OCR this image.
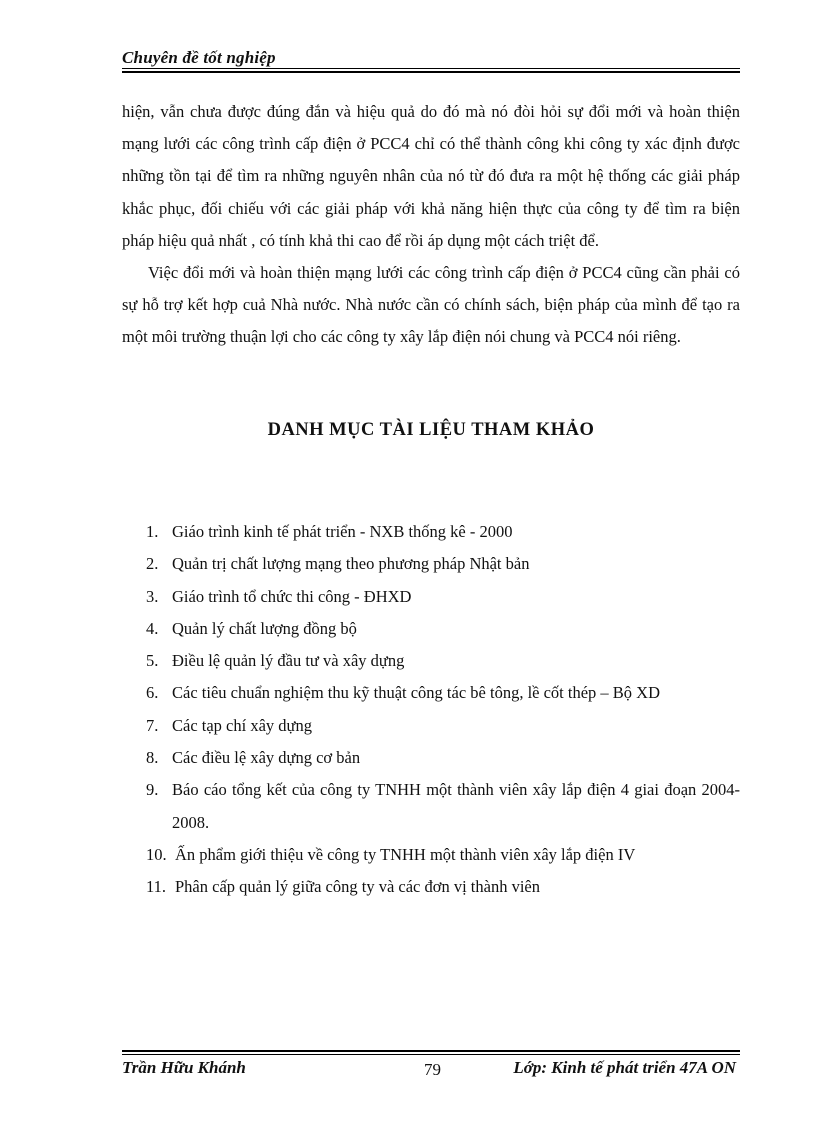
Chuyên đề tốt nghiệp

hiện, vẫn chưa được đúng đắn và hiệu quả do đó mà nó đòi hỏi sự đổi mới và hoàn thiện mạng lưới các công trình cấp điện ở PCC4 chỉ có thể thành công khi công ty xác định được những tồn tại để tìm ra những nguyên nhân của nó từ đó đưa ra một hệ thống các giải pháp khắc phục, đối chiếu với các giải pháp với khả năng hiện thực của công ty để tìm ra biện pháp hiệu quả nhất , có tính khả thi cao để rồi áp dụng một cách triệt để.

Việc đổi mới và hoàn thiện mạng lưới các công trình cấp điện ở PCC4 cũng cần phải có sự hỗ trợ kết hợp cuả Nhà nước. Nhà nước cần có chính sách, biện pháp của mình để tạo ra một môi trường thuận lợi cho các công ty xây lắp điện nói chung và PCC4 nói riêng.

DANH MỤC TÀI LIỆU THAM KHẢO
1. Giáo trình kinh tế phát triển - NXB thống kê - 2000
2. Quản trị chất lượng mạng theo phương pháp Nhật bản
3. Giáo trình tổ chức thi công - ĐHXD
4. Quản lý chất lượng đồng bộ
5. Điều lệ quản lý đầu tư và xây dựng
6. Các tiêu chuẩn nghiệm thu kỹ thuật công tác bê tông, lề cốt thép – Bộ XD
7. Các tạp chí xây dựng
8. Các điều lệ xây dựng cơ bản
9. Báo cáo tổng kết của công ty TNHH một thành viên xây lắp điện 4 giai đoạn 2004-2008.
10. Ấn phẩm giới thiệu về công ty TNHH một thành viên xây lắp điện IV
11. Phân cấp quản lý giữa công ty và các đơn vị thành viên
Trần Hữu Khánh	79	Lớp: Kinh tế phát triển 47A ON
